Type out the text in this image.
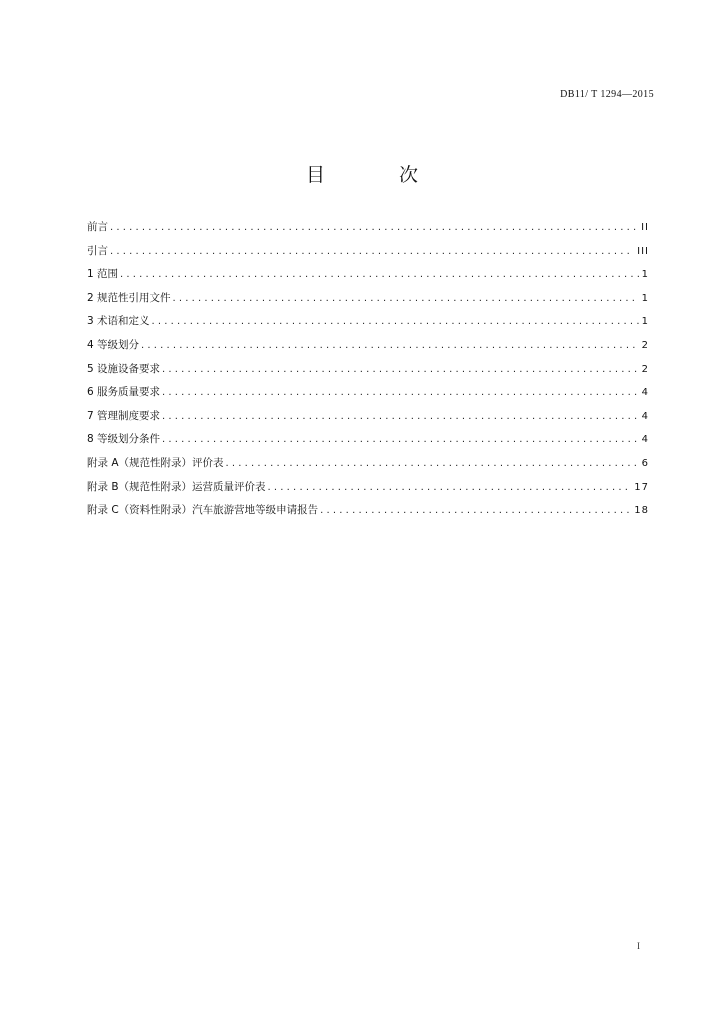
DB11/ T 1294—2015
目 次
前言 .....	II
引言 .....	III
1 范围 .....	1
2 规范性引用文件 .....	1
3 术语和定义 .....	1
4 等级划分 .....	2
5 设施设备要求 .....	2
6 服务质量要求 .....	4
7 管理制度要求 .....	4
8 等级划分条件 .....	4
附录 A（规范性附录）评价表 .....	6
附录 B（规范性附录）运营质量评价表 .....	17
附录 C（资料性附录）汽车旅游营地等级申请报告 .....	18
I
